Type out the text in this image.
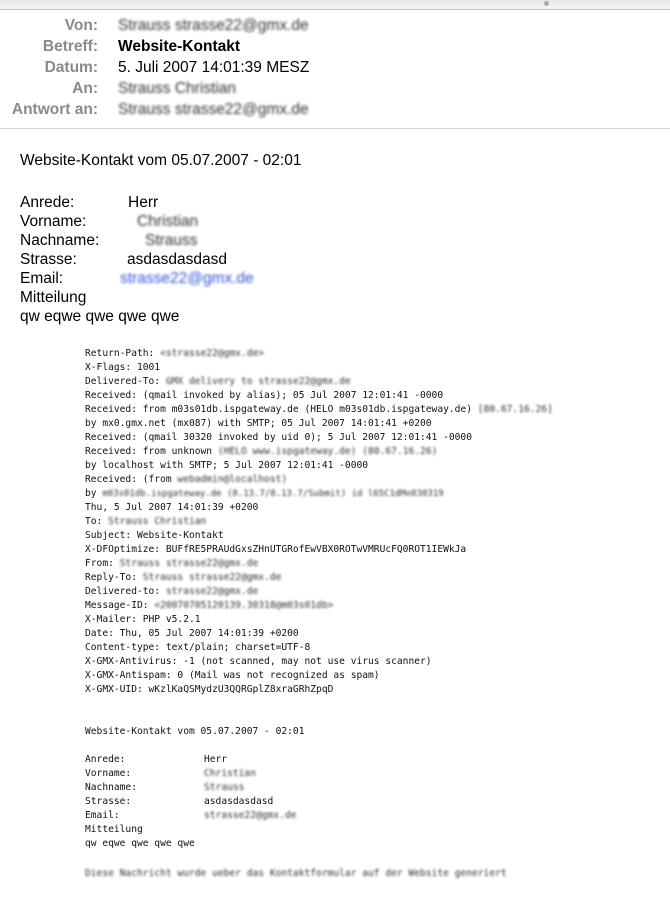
Von: Strauss strasse22@gmx.de
Betreff: Website-Kontakt
Datum: 5. Juli 2007 14:01:39 MESZ
An: Strauss Christian
Antwort an: Strauss strasse22@gmx.de
Website-Kontakt vom 05.07.2007 - 02:01
Anrede:	Herr
Vorname:	Christian
Nachname:	Strauss
Strasse:	asdasdasdasd
Email:	strasse22@gmx.de
Mitteilung
qw eqwe qwe qwe qwe
Return-Path: <strasse22@gmx.de>
X-Flags: 1001
Delivered-To: GMX delivery to strasse22@gmx.de
Received: (qmail invoked by alias); 05 Jul 2007 12:01:41 -0000
Received: from m03s01db.ispgateway.de (HELO m03s01db.ispgateway.de) [80.67.16.26]
by mx0.gmx.net (mx087) with SMTP; 05 Jul 2007 14:01:41 +0200
Received: (qmail 30320 invoked by uid 0); 5 Jul 2007 12:01:41 -0000
Received: from unknown (HELO www.ispgateway.de) (80.67.16.26)
by localhost with SMTP; 5 Jul 2007 12:01:41 -0000
Received: (from webadmin@localhost)
by m03s01db.ispgateway.de (8.13.7/8.13.7/Submit) id l65C1dMo030319
Thu, 5 Jul 2007 14:01:39 +0200
To: Strauss Christian
Subject: Website-Kontakt
X-DFOptimize: BUFfRE5PRAUdGxsZHnUTGRofEwVBX0ROTwVMRUcFQ0ROT1IEWkJa
From: Strauss strasse22@gmx.de
Reply-To: Strauss strasse22@gmx.de
Delivered-to: strasse22@gmx.de
Message-ID: <20070705120139.30318@m03s01db>
X-Mailer: PHP v5.2.1
Date: Thu, 05 Jul 2007 14:01:39 +0200
Content-type: text/plain; charset=UTF-8
X-GMX-Antivirus: -1 (not scanned, may not use virus scanner)
X-GMX-Antispam: 0 (Mail was not recognized as spam)
X-GMX-UID: wKzlKaQSMydzU3QQRGplZ8xraGRhZpqD
Website-Kontakt vom 05.07.2007 - 02:01
Anrede:	Herr
Vorname:	Christian
Nachname:	Strauss
Strasse:	asdasdasdasd
Email:	strasse22@gmx.de
Mitteilung
qw eqwe qwe qwe qwe
Diese Nachricht wurde ueber das Kontaktformular auf der Website generiert
